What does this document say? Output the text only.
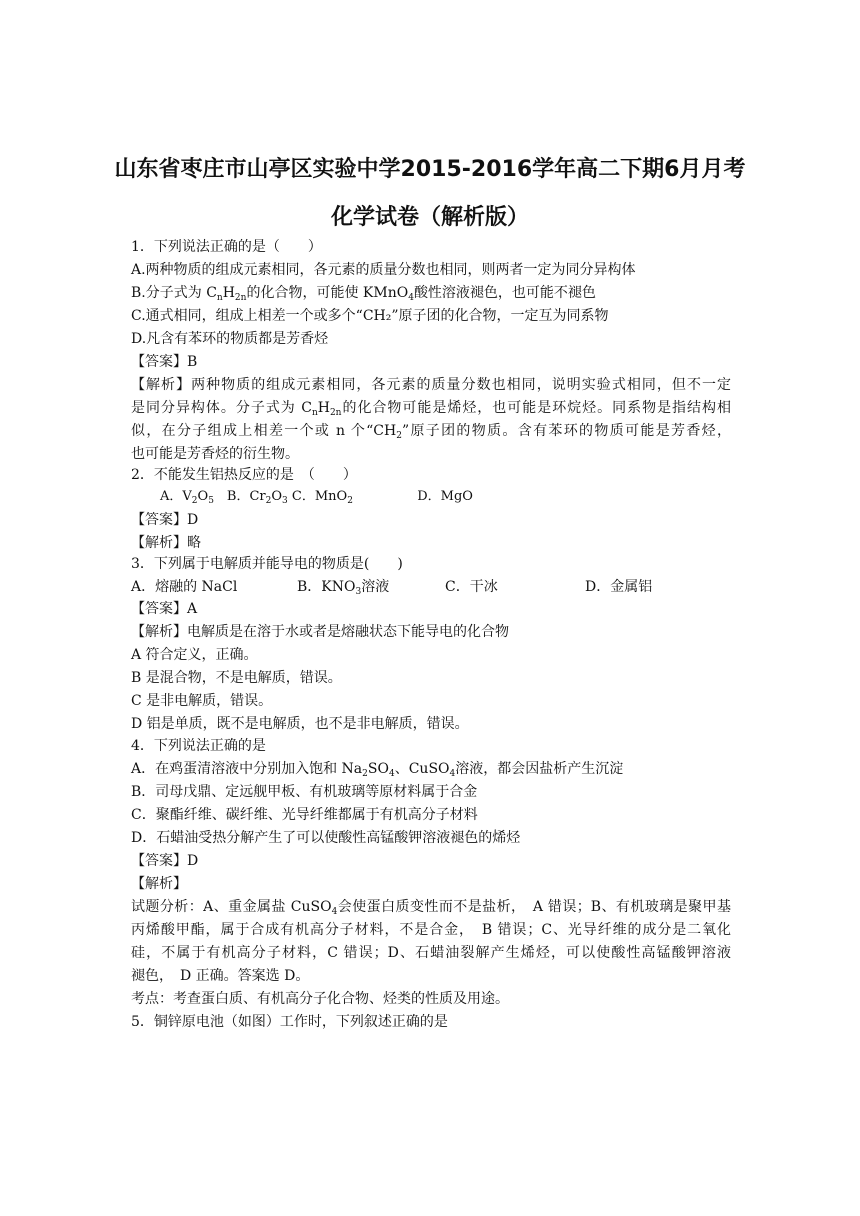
山东省枣庄市山亭区实验中学2015-2016学年高二下期6月月考
化学试卷（解析版）
1．下列说法正确的是（　　）
A.两种物质的组成元素相同，各元素的质量分数也相同，则两者一定为同分异构体
B.分子式为 $C_nH_{2n}$的化合物，可能使 KMnO$_4$酸性溶液褪色，也可能不褪色
C.通式相同，组成上相差一个或多个“CH₂”原子团的化合物，一定互为同系物
D.凡含有苯环的物质都是芳香烃
【答案】B
【解析】两种物质的组成元素相同，各元素的质量分数也相同，说明实验式相同，但不一定
是同分异构体。分子式为 $C_nH_{2n}$的化合物可能是烯烃，也可能是环烷烃。同系物是指结构相
似，在分子组成上相差一个或 n 个“$CH_2$”原子团的物质。含有苯环的物质可能是芳香烃，
也可能是芳香烃的衍生物。
2．不能发生铝热反应的是　（　　）
A．$V_2O_5$　B．$Cr_2O_3$ C．MnO$_2$	D．MgO
【答案】D
【解析】略
3．下列属于电解质并能导电的物质是(　　)
A．熔融的 NaCl	B．$KNO_3$溶液	C．干冰	D．金属铝
【答案】A
【解析】电解质是在溶于水或者是熔融状态下能导电的化合物
A 符合定义，正确。
B 是混合物，不是电解质，错误。
C 是非电解质，错误。
D 铝是单质，既不是电解质，也不是非电解质，错误。
4．下列说法正确的是
A．在鸡蛋清溶液中分别加入饱和 $Na_2SO_4$、CuSO$_4$溶液，都会因盐析产生沉淀
B．司母戊鼎、定远舰甲板、有机玻璃等原材料属于合金
C．聚酯纤维、碳纤维、光导纤维都属于有机高分子材料
D．石蜡油受热分解产生了可以使酸性高锰酸钾溶液褪色的烯烃
【答案】D
【解析】
试题分析：A、重金属盐 CuSO$_4$会使蛋白质变性而不是盐析，　A 错误；B、有机玻璃是聚甲基
丙烯酸甲酯，属于合成有机高分子材料，不是合金，　B 错误；C、光导纤维的成分是二氧化
硅，不属于有机高分子材料，C 错误；D、石蜡油裂解产生烯烃，可以使酸性高锰酸钾溶液
褪色，　D 正确。答案选 D。
考点：考查蛋白质、有机高分子化合物、烃类的性质及用途。
5．铜锌原电池（如图）工作时，下列叙述正确的是
